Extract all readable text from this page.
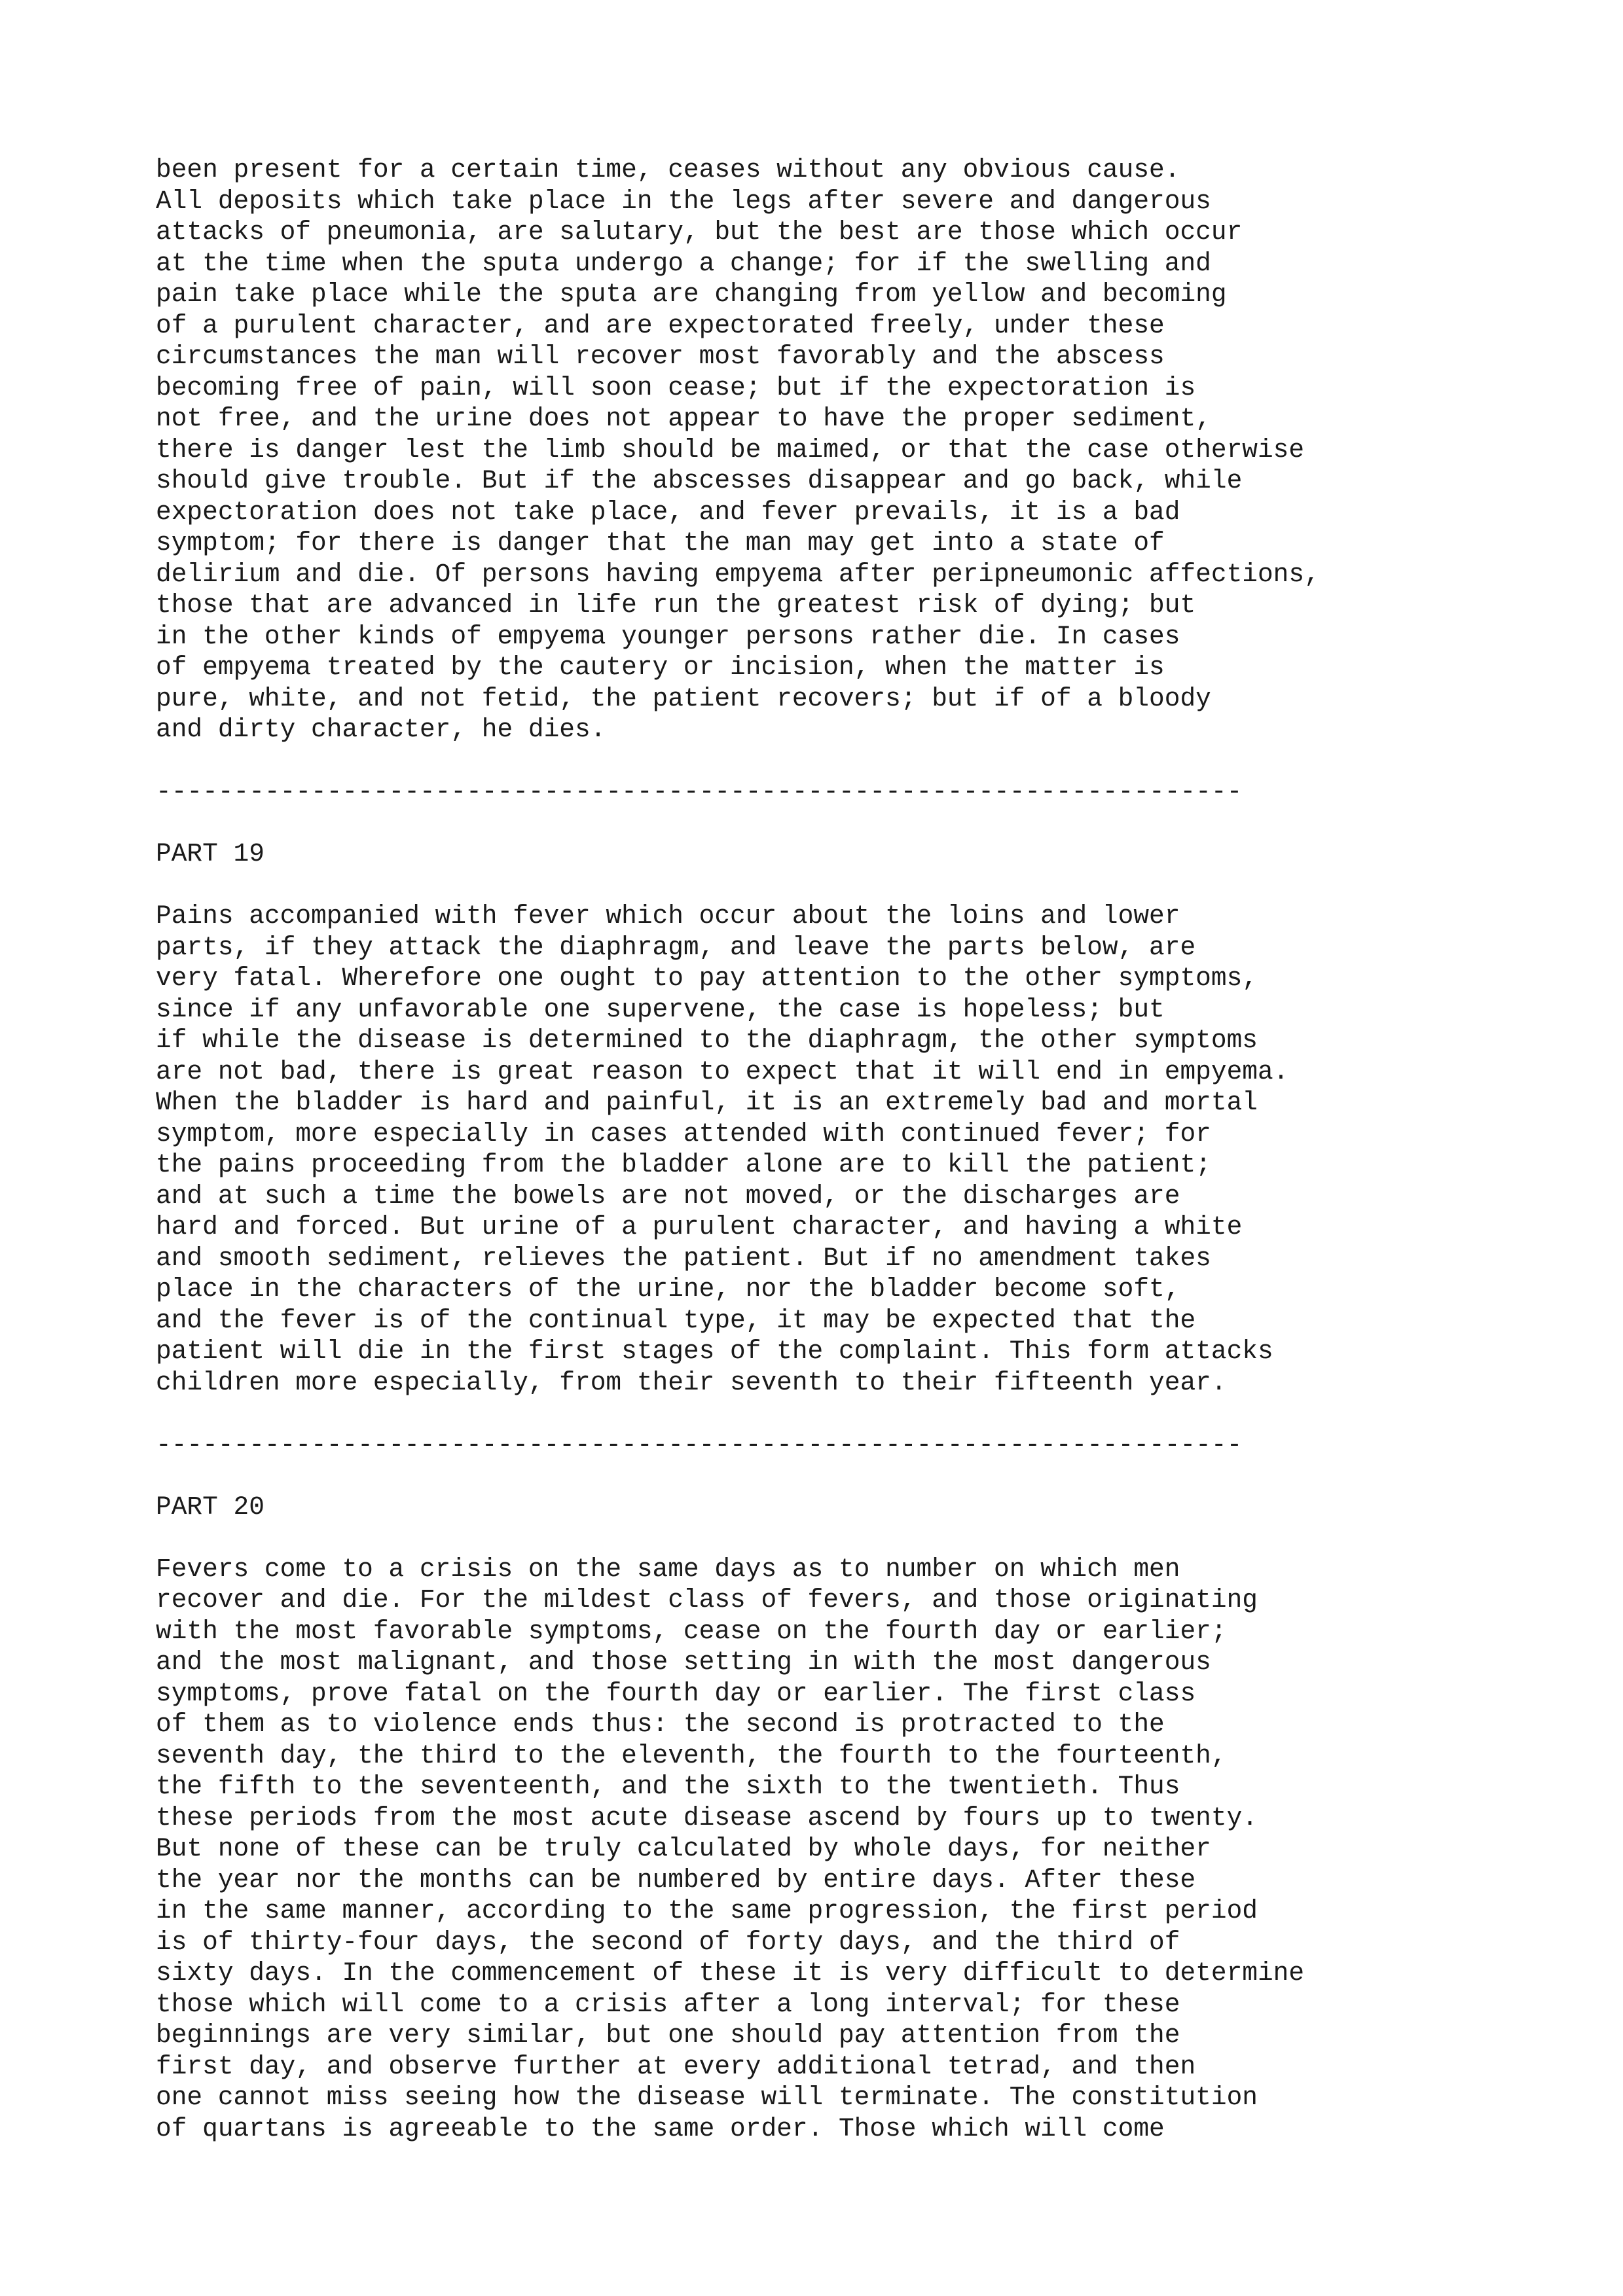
been present for a certain time, ceases without any obvious cause.
All deposits which take place in the legs after severe and dangerous
attacks of pneumonia, are salutary, but the best are those which occur
at the time when the sputa undergo a change; for if the swelling and
pain take place while the sputa are changing from yellow and becoming
of a purulent character, and are expectorated freely, under these
circumstances the man will recover most favorably and the abscess
becoming free of pain, will soon cease; but if the expectoration is
not free, and the urine does not appear to have the proper sediment,
there is danger lest the limb should be maimed, or that the case otherwise
should give trouble. But if the abscesses disappear and go back, while
expectoration does not take place, and fever prevails, it is a bad
symptom; for there is danger that the man may get into a state of
delirium and die. Of persons having empyema after peripneumonic affections,
those that are advanced in life run the greatest risk of dying; but
in the other kinds of empyema younger persons rather die. In cases
of empyema treated by the cautery or incision, when the matter is
pure, white, and not fetid, the patient recovers; but if of a bloody
and dirty character, he dies.
----------------------------------------------------------------------
PART 19
Pains accompanied with fever which occur about the loins and lower
parts, if they attack the diaphragm, and leave the parts below, are
very fatal. Wherefore one ought to pay attention to the other symptoms,
since if any unfavorable one supervene, the case is hopeless; but
if while the disease is determined to the diaphragm, the other symptoms
are not bad, there is great reason to expect that it will end in empyema.
When the bladder is hard and painful, it is an extremely bad and mortal
symptom, more especially in cases attended with continued fever; for
the pains proceeding from the bladder alone are to kill the patient;
and at such a time the bowels are not moved, or the discharges are
hard and forced. But urine of a purulent character, and having a white
and smooth sediment, relieves the patient. But if no amendment takes
place in the characters of the urine, nor the bladder become soft,
and the fever is of the continual type, it may be expected that the
patient will die in the first stages of the complaint. This form attacks
children more especially, from their seventh to their fifteenth year.
----------------------------------------------------------------------
PART 20
Fevers come to a crisis on the same days as to number on which men
recover and die. For the mildest class of fevers, and those originating
with the most favorable symptoms, cease on the fourth day or earlier;
and the most malignant, and those setting in with the most dangerous
symptoms, prove fatal on the fourth day or earlier. The first class
of them as to violence ends thus: the second is protracted to the
seventh day, the third to the eleventh, the fourth to the fourteenth,
the fifth to the seventeenth, and the sixth to the twentieth. Thus
these periods from the most acute disease ascend by fours up to twenty.
But none of these can be truly calculated by whole days, for neither
the year nor the months can be numbered by entire days. After these
in the same manner, according to the same progression, the first period
is of thirty-four days, the second of forty days, and the third of
sixty days. In the commencement of these it is very difficult to determine
those which will come to a crisis after a long interval; for these
beginnings are very similar, but one should pay attention from the
first day, and observe further at every additional tetrad, and then
one cannot miss seeing how the disease will terminate. The constitution
of quartans is agreeable to the same order. Those which will come
